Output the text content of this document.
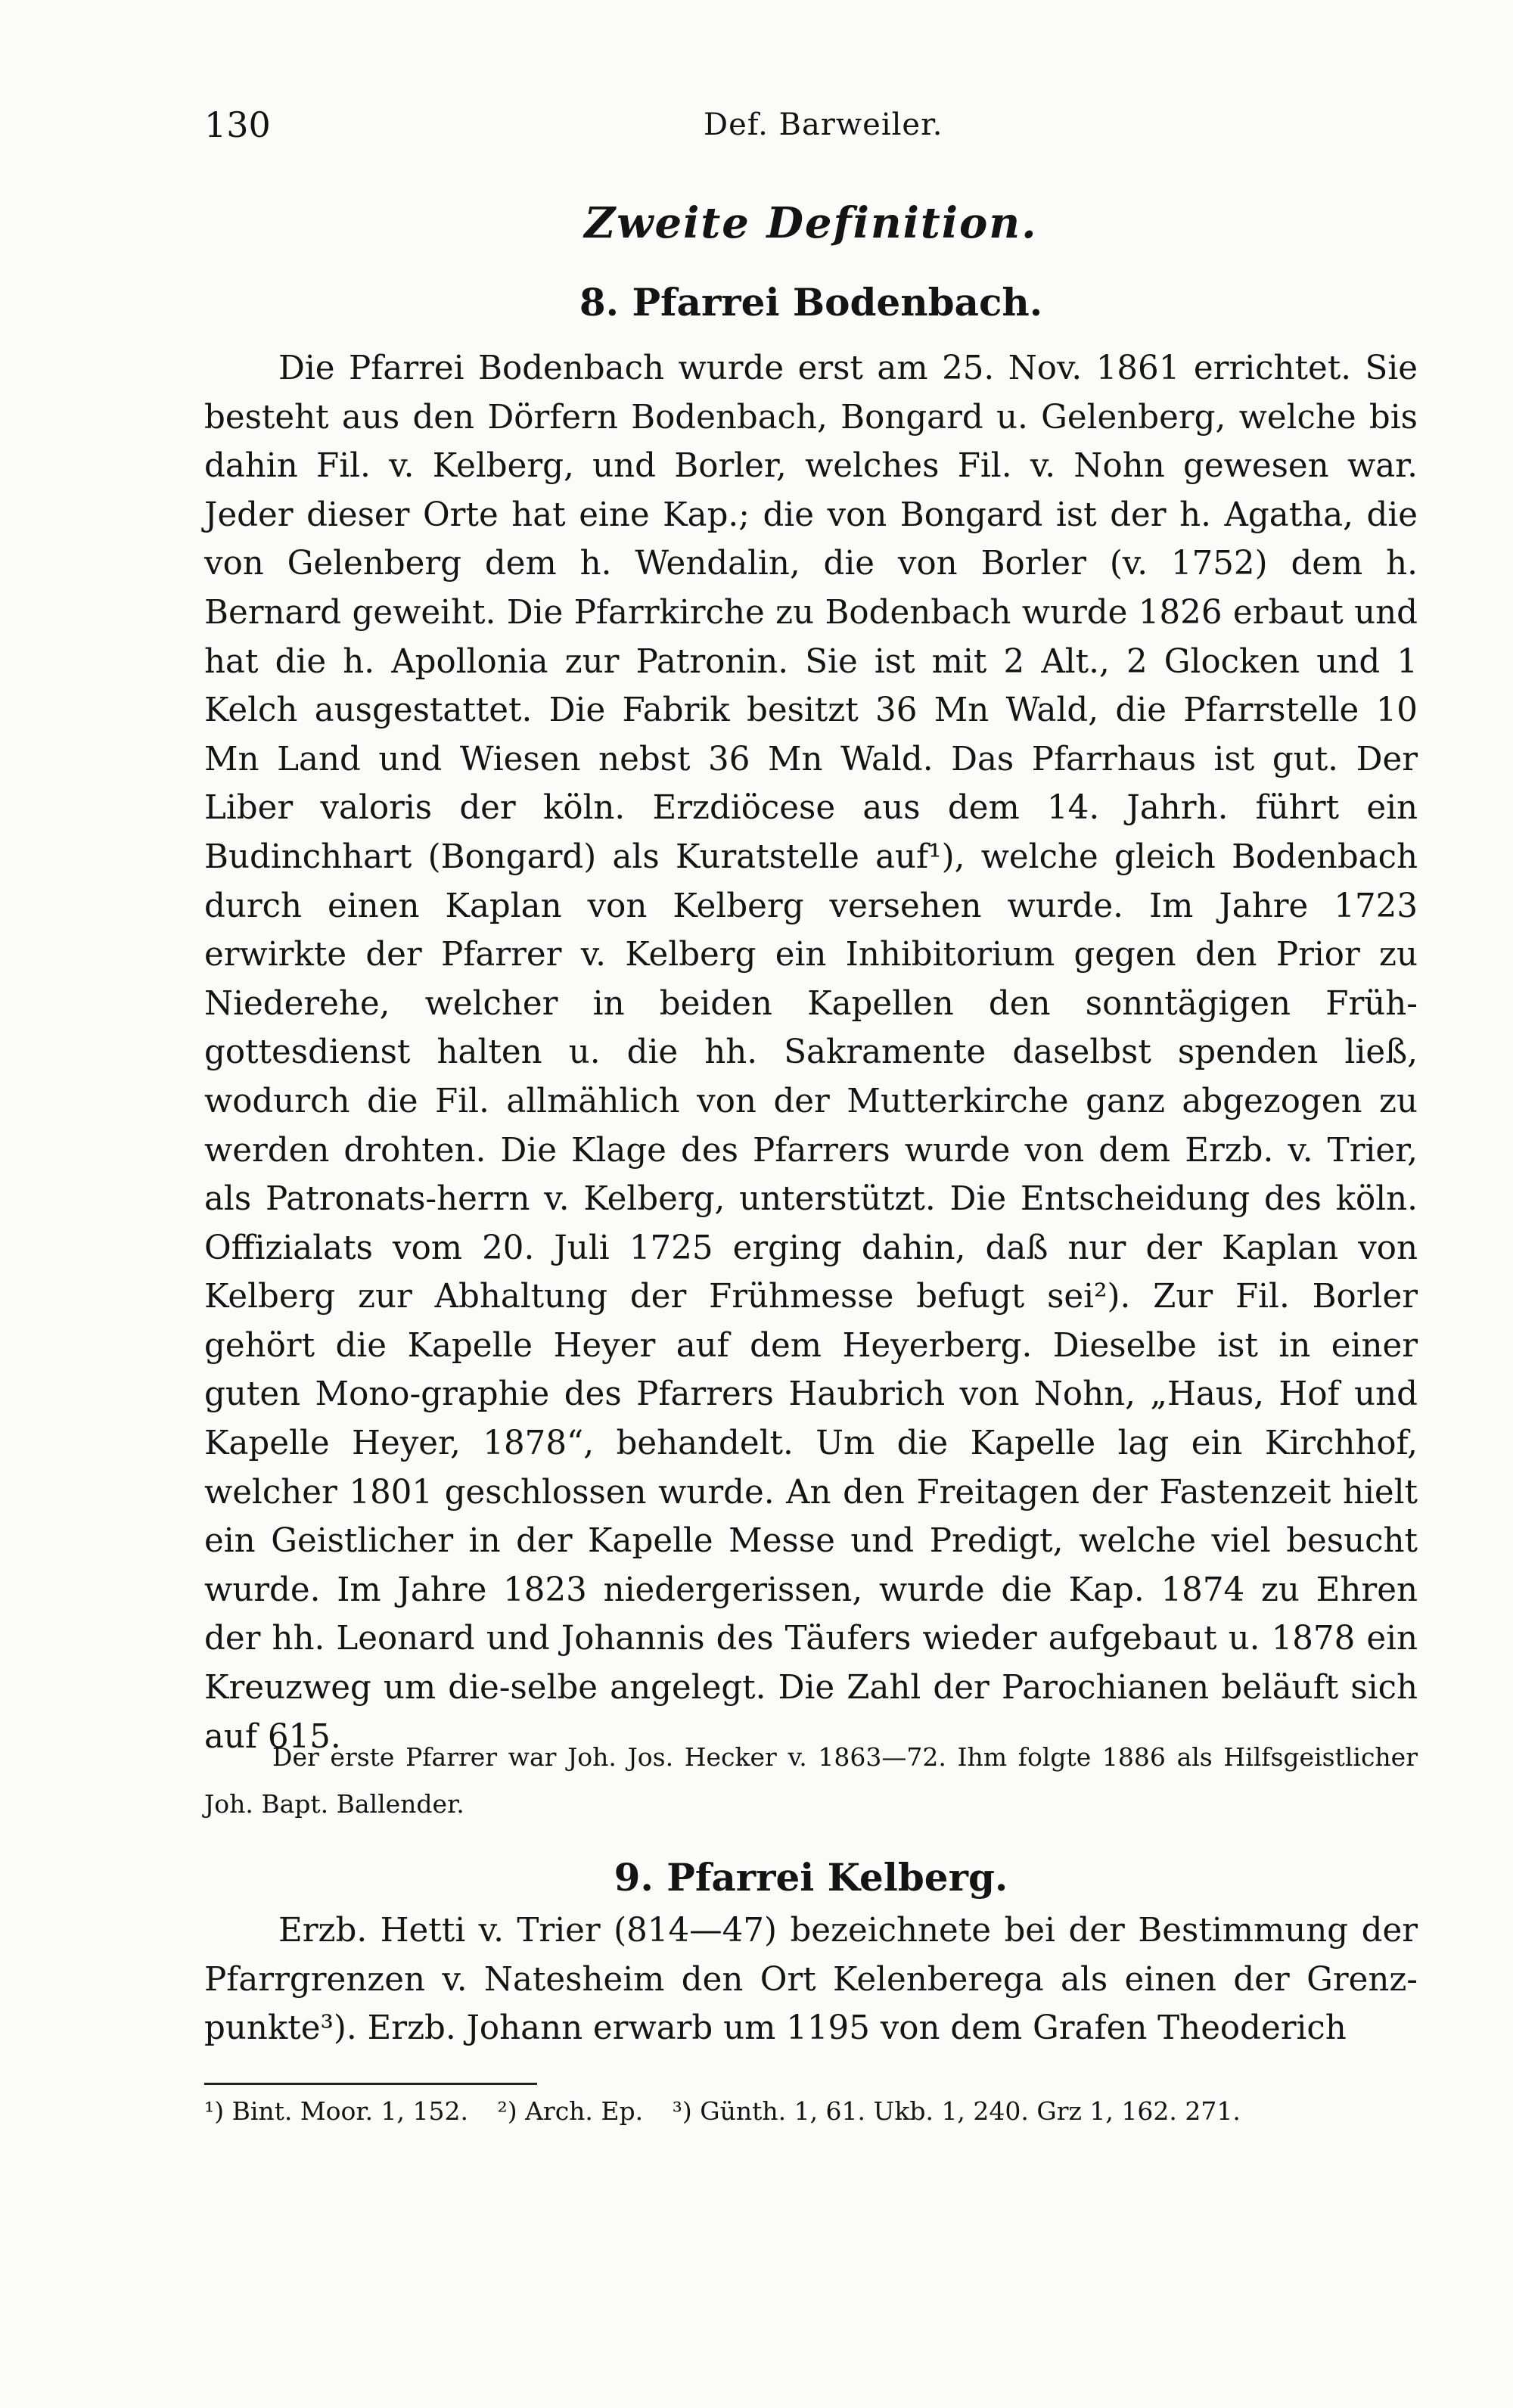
130	Def. Barweiler.
Zweite Definition.
8. Pfarrei Bodenbach.
Die Pfarrei Bodenbach wurde erst am 25. Nov. 1861 errichtet. Sie besteht aus den Dörfern Bodenbach, Bongard u. Gelenberg, welche bis dahin Fil. v. Kelberg, und Borler, welches Fil. v. Nohn gewesen war. Jeder dieser Orte hat eine Kap.; die von Bongard ist der h. Agatha, die von Gelenberg dem h. Wendalin, die von Borler (v. 1752) dem h. Bernard geweiht. Die Pfarrkirche zu Bodenbach wurde 1826 erbaut und hat die h. Apollonia zur Patronin. Sie ist mit 2 Alt., 2 Glocken und 1 Kelch ausgestattet. Die Fabrik besitzt 36 Mn Wald, die Pfarrstelle 10 Mn Land und Wiesen nebst 36 Mn Wald. Das Pfarrhaus ist gut. Der Liber valoris der köln. Erzdiöcese aus dem 14. Jahrh. führt ein Budinchhart (Bongard) als Kuratstelle auf¹), welche gleich Bodenbach durch einen Kaplan von Kelberg versehen wurde. Im Jahre 1723 erwirkte der Pfarrer v. Kelberg ein Inhibitorium gegen den Prior zu Niederehe, welcher in beiden Kapellen den sonntägigen Früh-gottesdienst halten u. die hh. Sakramente daselbst spenden ließ, wodurch die Fil. allmählich von der Mutterkirche ganz abgezogen zu werden drohten. Die Klage des Pfarrers wurde von dem Erzb. v. Trier, als Patronats-herrn v. Kelberg, unterstützt. Die Entscheidung des köln. Offizialats vom 20. Juli 1725 erging dahin, daß nur der Kaplan von Kelberg zur Abhaltung der Frühmesse befugt sei²). Zur Fil. Borler gehört die Kapelle Heyer auf dem Heyerberg. Dieselbe ist in einer guten Mono-graphie des Pfarrers Haubrich von Nohn, „Haus, Hof und Kapelle Heyer, 1878“, behandelt. Um die Kapelle lag ein Kirchhof, welcher 1801 geschlossen wurde. An den Freitagen der Fastenzeit hielt ein Geistlicher in der Kapelle Messe und Predigt, welche viel besucht wurde. Im Jahre 1823 niedergerissen, wurde die Kap. 1874 zu Ehren der hh. Leonard und Johannis des Täufers wieder aufgebaut u. 1878 ein Kreuzweg um die-selbe angelegt. Die Zahl der Parochianen beläuft sich auf 615.
Der erste Pfarrer war Joh. Jos. Hecker v. 1863—72. Ihm folgte 1886 als Hilfsgeistlicher Joh. Bapt. Ballender.
9. Pfarrei Kelberg.
Erzb. Hetti v. Trier (814—47) bezeichnete bei der Bestimmung der Pfarrgrenzen v. Natesheim den Ort Kelenberega als einen der Grenz-punkte³). Erzb. Johann erwarb um 1195 von dem Grafen Theoderich
¹) Bint. Moor. 1, 152. ²) Arch. Ep. ³) Günth. 1, 61. Ukb. 1, 240. Grz 1, 162. 271.
